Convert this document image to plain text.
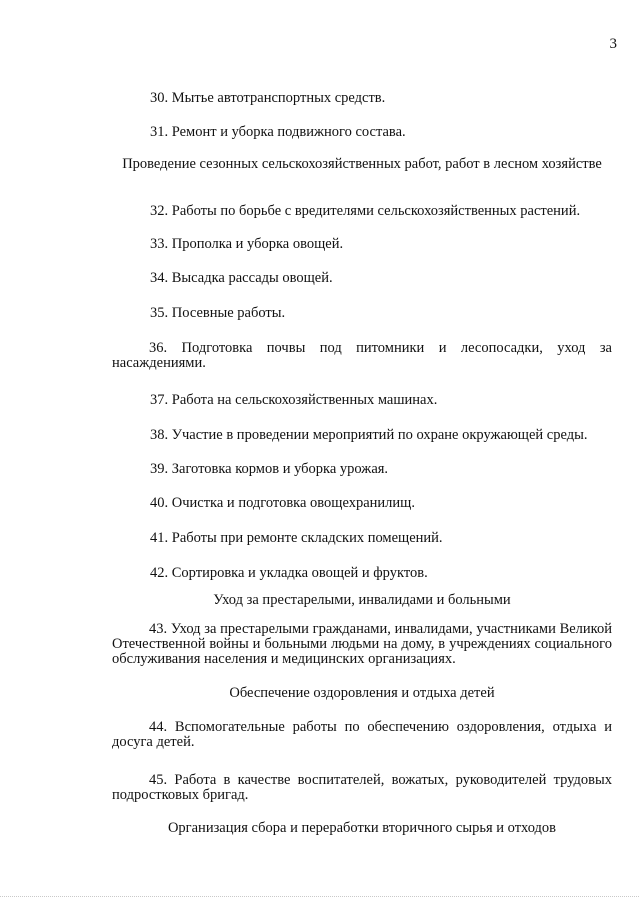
3
30. Мытье автотранспортных средств.
31. Ремонт и уборка подвижного состава.
Проведение сезонных сельскохозяйственных работ, работ в лесном хозяйстве
32. Работы по борьбе с вредителями сельскохозяйственных растений.
33. Прополка и уборка овощей.
34. Высадка рассады овощей.
35. Посевные работы.
36. Подготовка почвы под питомники и лесопосадки, уход за насаждениями.
37. Работа на сельскохозяйственных машинах.
38. Участие в проведении мероприятий по охране окружающей среды.
39. Заготовка кормов и уборка урожая.
40. Очистка и подготовка овощехранилищ.
41. Работы при ремонте складских помещений.
42. Сортировка и укладка овощей и фруктов.
Уход за престарелыми, инвалидами и больными
43. Уход за престарелыми гражданами, инвалидами, участниками Великой Отечественной войны и больными людьми на дому, в учреждениях социального обслуживания населения и медицинских организациях.
Обеспечение оздоровления и отдыха детей
44. Вспомогательные работы по обеспечению оздоровления, отдыха и досуга детей.
45. Работа в качестве воспитателей, вожатых, руководителей трудовых подростковых бригад.
Организация сбора и переработки вторичного сырья и отходов
